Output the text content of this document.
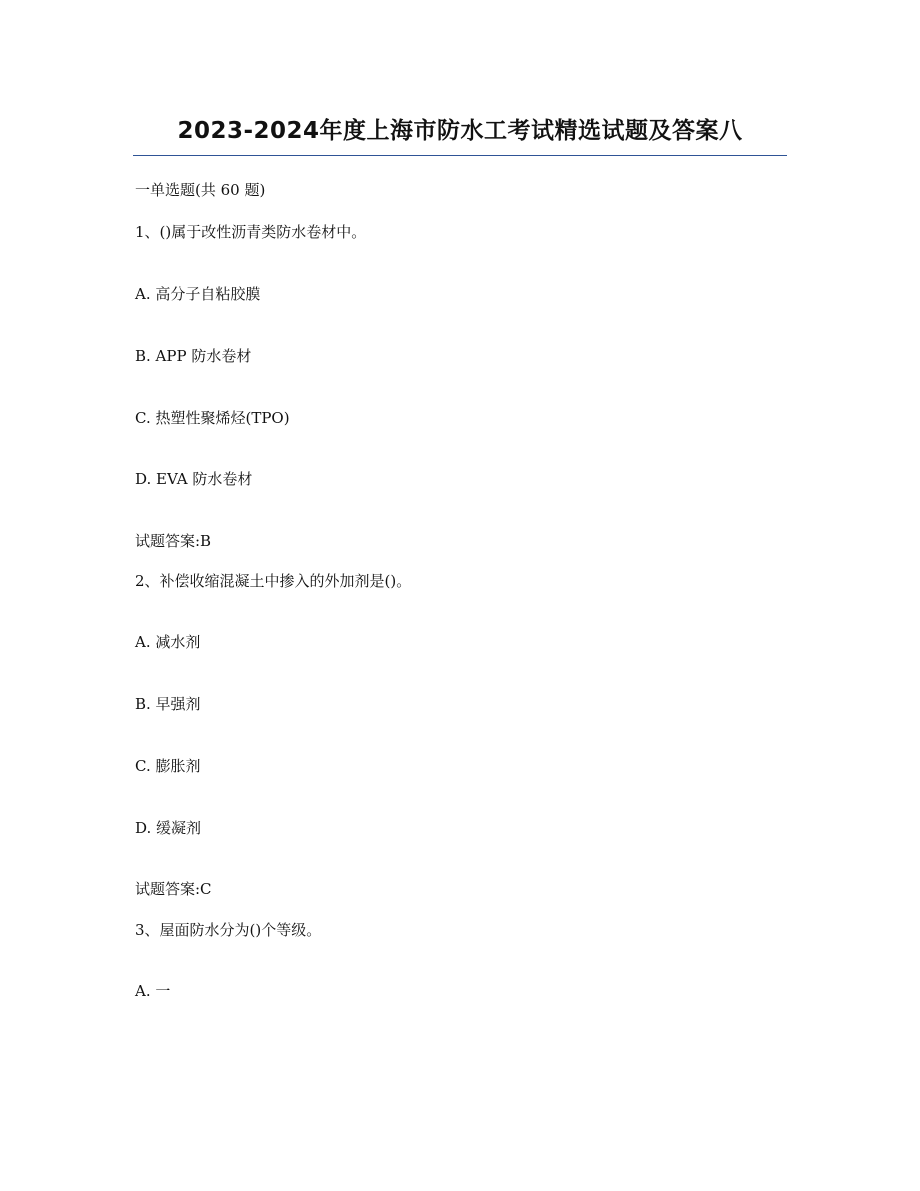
2023-2024年度上海市防水工考试精选试题及答案八
一单选题(共 60 题)
1、()属于改性沥青类防水卷材中。
A. 高分子自粘胶膜
B. APP 防水卷材
C. 热塑性聚烯烃(TPO)
D. EVA 防水卷材
试题答案:B
2、补偿收缩混凝土中掺入的外加剂是()。
A. 减水剂
B. 早强剂
C. 膨胀剂
D. 缓凝剂
试题答案:C
3、屋面防水分为()个等级。
A. 一
